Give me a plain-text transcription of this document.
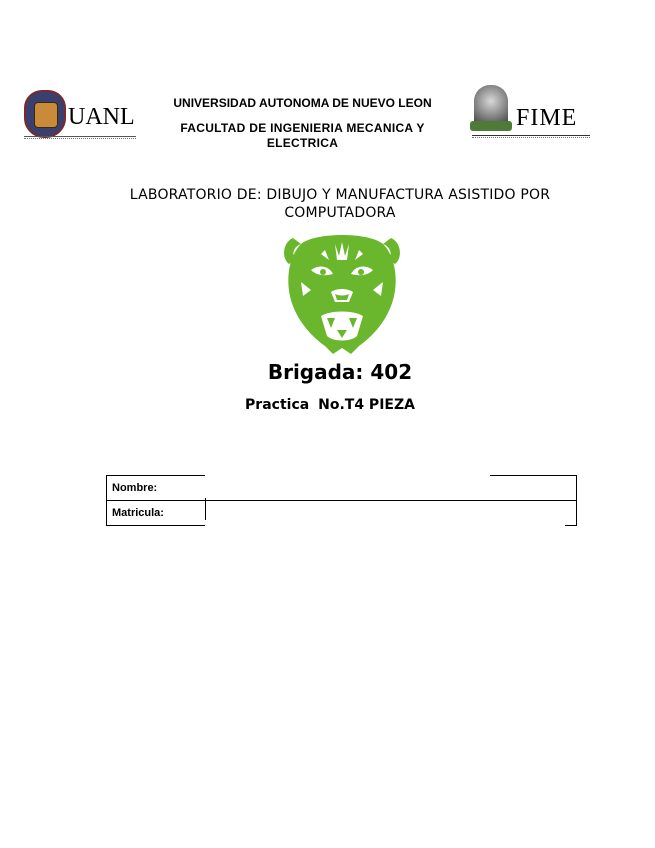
UANL
UNIVERSIDAD AUTONOMA DE NUEVO LEON
FACULTAD DE INGENIERIA MECANICA Y ELECTRICA
FIME
LABORATORIO DE: DIBUJO Y MANUFACTURA ASISTIDO POR COMPUTADORA
Brigada: 402
Practica No.T4 PIEZA
Nombre:	
Matricula:	
